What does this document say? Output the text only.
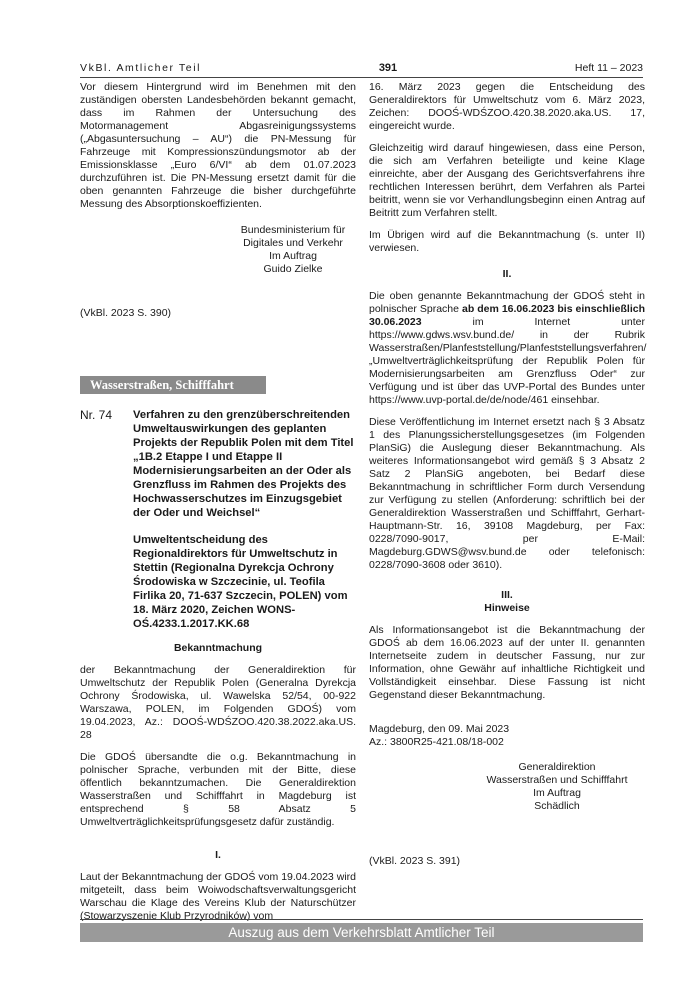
VkBl. Amtlicher Teil	391	Heft 11 – 2023

Vor diesem Hintergrund wird im Benehmen mit den zuständigen obersten Landesbehörden bekannt gemacht, dass im Rahmen der Untersuchung des Motormanagement Abgasreinigungssystems („Abgasuntersuchung – AU“) die PN-Messung für Fahrzeuge mit Kompressionszündungsmotor ab der Emissionsklasse „Euro 6/VI“ ab dem 01.07.2023 durchzuführen ist. Die PN-Messung ersetzt damit für die oben genannten Fahrzeuge die bisher durchgeführte Messung des Absorptionskoeffizienten.

Bundesministerium für
Digitales und Verkehr
Im Auftrag
Guido Zielke

(VkBl. 2023 S. 390)

Wasserstraßen, Schifffahrt
Nr. 74	Verfahren zu den grenzüberschreitenden Umweltauswirkungen des geplanten Projekts der Republik Polen mit dem Titel „1B.2 Etappe I und Etappe II Modernisierungsarbeiten an der Oder als Grenzfluss im Rahmen des Projekts des Hochwasserschutzes im Einzugsgebiet der Oder und Weichsel“
Umweltentscheidung des Regionaldirektors für Umweltschutz in Stettin (Regionalna Dyrekcja Ochrony Środowiska w Szczecinie, ul. Teofila Firlika 20, 71-637 Szczecin, POLEN) vom 18. März 2020, Zeichen WONS-OŚ.4233.1.2017.KK.68

Bekanntmachung

der Bekanntmachung der Generaldirektion für Umweltschutz der Republik Polen (Generalna Dyrekcja Ochrony Środowiska, ul. Wawelska 52/54, 00-922 Warszawa, POLEN, im Folgenden GDOŚ) vom 19.04.2023, Az.: DOOŚ-WDŚZOO.420.38.2022.aka.US. 28

Die GDOŚ übersandte die o.g. Bekanntmachung in polnischer Sprache, verbunden mit der Bitte, diese öffentlich bekanntzumachen. Die Generaldirektion Wasserstraßen und Schifffahrt in Magdeburg ist entsprechend § 58 Absatz 5 Umweltverträglichkeitsprüfungsgesetz dafür zuständig.

I.

Laut der Bekanntmachung der GDOŚ vom 19.04.2023 wird mitgeteilt, dass beim Woiwodschaftsverwaltungsgericht Warschau die Klage des Vereins Klub der Naturschützer (Stowarzyszenie Klub Przyrodników) vom

16. März 2023 gegen die Entscheidung des Generaldirektors für Umweltschutz vom 6. März 2023, Zeichen: DOOŚ-WDŚZOO.420.38.2020.aka.US. 17, eingereicht wurde.

Gleichzeitig wird darauf hingewiesen, dass eine Person, die sich am Verfahren beteiligte und keine Klage einreichte, aber der Ausgang des Gerichtsverfahrens ihre rechtlichen Interessen berührt, dem Verfahren als Partei beitritt, wenn sie vor Verhandlungsbeginn einen Antrag auf Beitritt zum Verfahren stellt.

Im Übrigen wird auf die Bekanntmachung (s. unter II) verwiesen.

II.

Die oben genannte Bekanntmachung der GDOŚ steht in polnischer Sprache ab dem 16.06.2023 bis einschließlich 30.06.2023 im Internet unter https://www.gdws.wsv.bund.de/ in der Rubrik Wasserstraßen/Planfeststellung/Planfeststellungsverfahren/ „Umweltverträglichkeitsprüfung der Republik Polen für Modernisierungsarbeiten am Grenzfluss Oder“ zur Verfügung und ist über das UVP-Portal des Bundes unter https://www.uvp-portal.de/de/node/461 einsehbar.

Diese Veröffentlichung im Internet ersetzt nach § 3 Absatz 1 des Planungssicherstellungsgesetzes (im Folgenden PlanSiG) die Auslegung dieser Bekanntmachung. Als weiteres Informationsangebot wird gemäß § 3 Absatz 2 Satz 2 PlanSiG angeboten, bei Bedarf diese Bekanntmachung in schriftlicher Form durch Versendung zur Verfügung zu stellen (Anforderung: schriftlich bei der Generaldirektion Wasserstraßen und Schifffahrt, Gerhart-Hauptmann-Str. 16, 39108 Magdeburg, per Fax: 0228/7090-9017, per E-Mail: Magdeburg.GDWS@wsv.bund.de oder telefonisch: 0228/7090-3608 oder 3610).

III.

Hinweise

Als Informationsangebot ist die Bekanntmachung der GDOŚ ab dem 16.06.2023 auf der unter II. genannten Internetseite zudem in deutscher Fassung, nur zur Information, ohne Gewähr auf inhaltliche Richtigkeit und Vollständigkeit einsehbar. Diese Fassung ist nicht Gegenstand dieser Bekanntmachung.

Magdeburg, den 09. Mai 2023

Az.: 3800R25-421.08/18-002

Generaldirektion
Wasserstraßen und Schifffahrt
Im Auftrag
Schädlich

(VkBl. 2023 S. 391)

Auszug aus dem Verkehrsblatt Amtlicher Teil
